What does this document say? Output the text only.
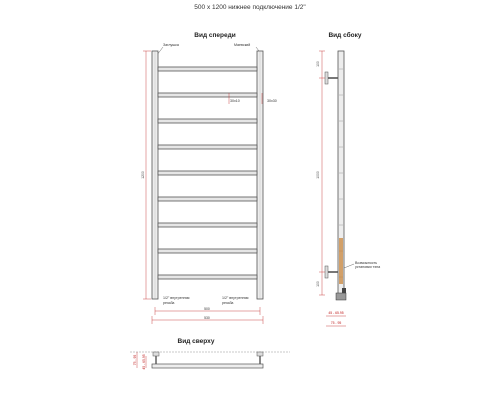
500 x 1200 нижнее подключение 1/2"
Вид спереди
Заглушка	Маевский
30x10	30x30
1200
1/2" внутренняя
резьба
1/2" внутренняя
резьба
500
530
Вид сбоку
100
1000
100
Возможность
установки тэна
45 - 65.95
75 - 95
Вид сверху
75 - 95 45 - 65.95
